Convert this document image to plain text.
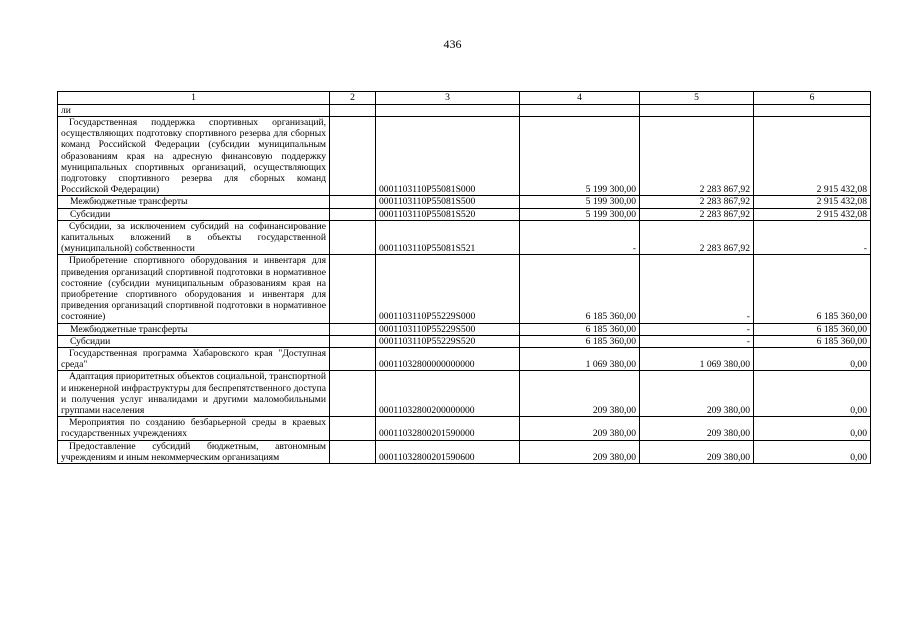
436
1	2	3	4	5	6
ли					
Государственная поддержка спортивных организаций, осуществляющих подготовку спортивного резерва для сборных команд Российской Федерации (субсидии муниципальным образованиям края на адресную финансовую поддержку муниципальных спортивных организаций, осуществляющих подготовку спортивного резерва для сборных команд Российской Федерации)		0001103110P55081S000	5 199 300,00	2 283 867,92	2 915 432,08
Межбюджетные трансферты		0001103110P55081S500	5 199 300,00	2 283 867,92	2 915 432,08
Субсидии		0001103110P55081S520	5 199 300,00	2 283 867,92	2 915 432,08
Субсидии, за исключением субсидий на софинансирование капитальных вложений в объекты государственной (муниципальной) собственности		0001103110P55081S521	-	2 283 867,92	-
Приобретение спортивного оборудования и инвентаря для приведения организаций спортивной подготовки в нормативное состояние (субсидии муниципальным образованиям края на приобретение спортивного оборудования и инвентаря для приведения организаций спортивной подготовки в нормативное состояние)		0001103110P55229S000	6 185 360,00	-	6 185 360,00
Межбюджетные трансферты		0001103110P55229S500	6 185 360,00	-	6 185 360,00
Субсидии		0001103110P55229S520	6 185 360,00	-	6 185 360,00
Государственная программа Хабаровского края "Доступная среда"		00011032800000000000	1 069 380,00	1 069 380,00	0,00
Адаптация приоритетных объектов социальной, транспортной и инженерной инфраструктуры для беспрепятственного доступа и получения услуг инвалидами и другими маломобильными группами населения		00011032800200000000	209 380,00	209 380,00	0,00
Мероприятия по созданию безбарьерной среды в краевых государственных учреждениях		00011032800201590000	209 380,00	209 380,00	0,00
Предоставление субсидий бюджетным, автономным учреждениям и иным некоммерческим организациям		00011032800201590600	209 380,00	209 380,00	0,00
